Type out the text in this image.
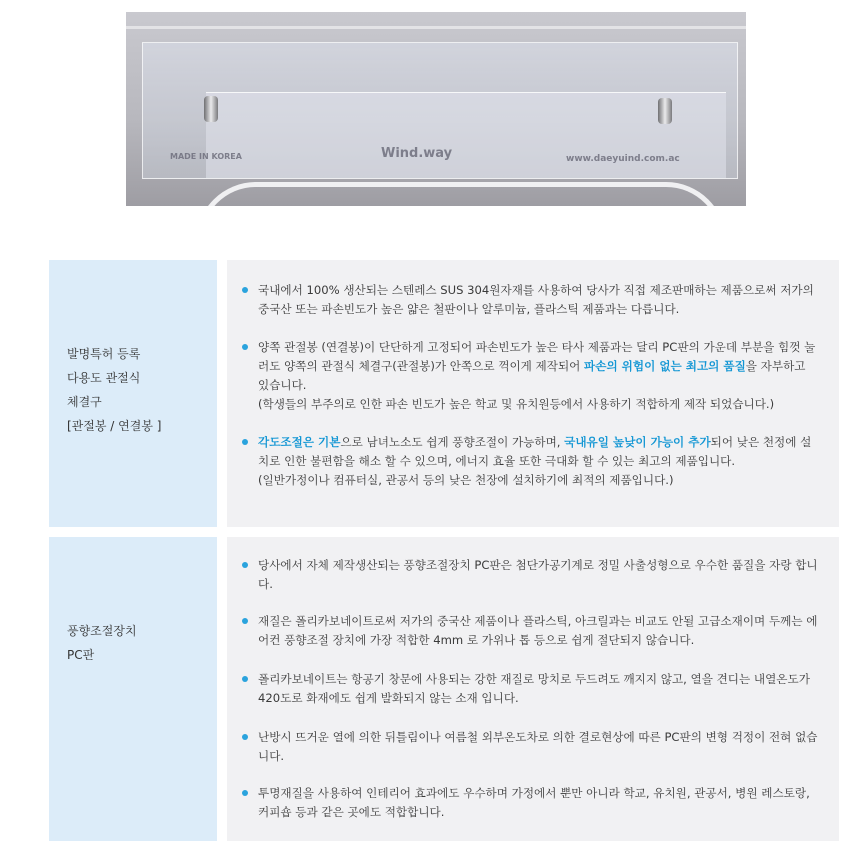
MADE IN KOREA	Wind.way	www.daeyuind.com.ac
발명특허 등록
다용도 관절식
체결구
[관절봉 / 연결봉 ]
국내에서 100% 생산되는 스텐레스 SUS 304원자재를 사용하여 당사가 직접 제조판매하는 제품으로써 저가의 중국산 또는 파손빈도가 높은 얇은 철판이나 알루미늄, 플라스틱 제품과는 다릅니다.
양쪽 관절봉 (연결봉)이 단단하게 고정되어 파손빈도가 높은 타사 제품과는 달리 PC판의 가운데 부분을 힘껏 눌러도 양쪽의 관절식 체결구(관절봉)가 안쪽으로 꺽이게 제작되어 파손의 위험이 없는 최고의 품질을 자부하고 있습니다.
(학생들의 부주의로 인한 파손 빈도가 높은 학교 및 유치원등에서 사용하기 적합하게 제작 되었습니다.)
각도조절은 기본으로 남녀노소도 쉽게 풍향조절이 가능하며, 국내유일 높낮이 가능이 추가되어 낮은 천정에 설치로 인한 불편함을 해소 할 수 있으며, 에너지 효율 또한 극대화 할 수 있는 최고의 제품입니다.
(일반가정이나 컴퓨터실, 관공서 등의 낮은 천장에 설치하기에 최적의 제품입니다.)
풍향조절장치
PC판
당사에서 자체 제작생산되는 풍향조절장치 PC판은 첨단가공기계로 정밀 사출성형으로 우수한 품질을 자랑 합니다.
재질은 폴리카보네이트로써 저가의 중국산 제품이나 플라스틱, 아크릴과는 비교도 안될 고급소재이며 두께는 에어컨 풍향조절 장치에 가장 적합한 4mm 로 가위나 톱 등으로 쉽게 절단되지 않습니다.
폴리카보네이트는 항공기 창문에 사용되는 강한 재질로 망치로 두드려도 깨지지 않고, 열을 견디는 내열온도가 420도로 화재에도 쉽게 발화되지 않는 소재 입니다.
난방시 뜨거운 열에 의한 뒤틀림이나 여름철 외부온도차로 의한 결로현상에 따른 PC판의 변형 걱정이 전혀 없습니다.
투명재질을 사용하여 인테리어 효과에도 우수하며 가정에서 뿐만 아니라 학교, 유치원, 관공서, 병원 레스토랑, 커피숍 등과 같은 곳에도 적합합니다.
